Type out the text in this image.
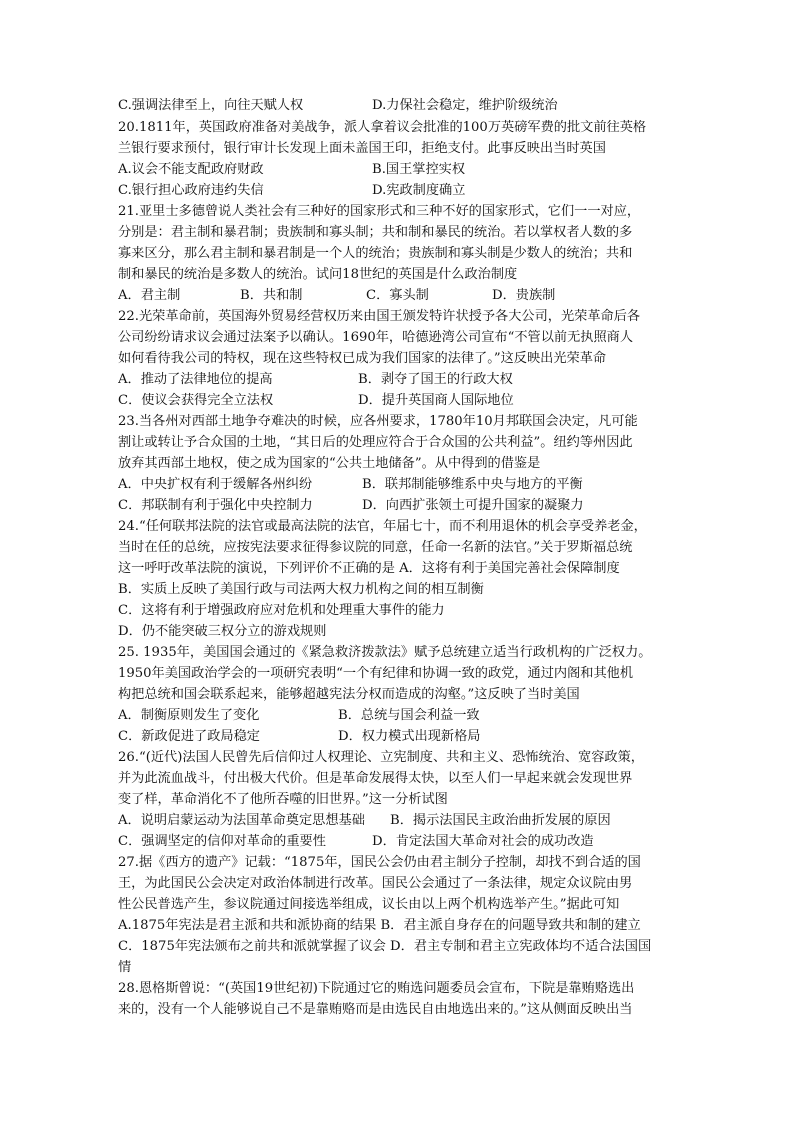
C.强调法律至上，向往天赋人权	D.力保社会稳定，维护阶级统治
20.1811年，英国政府准备对美战争，派人拿着议会批准的100万英磅军费的批文前往英格
兰银行要求预付，银行审计长发现上面未盖国王印，拒绝支付。此事反映出当时英国
A.议会不能支配政府财政	B.国王掌控实权
C.银行担心政府违约失信	D.宪政制度确立
21.亚里士多德曾说人类社会有三种好的国家形式和三种不好的国家形式，它们一一对应，
分别是：君主制和暴君制；贵族制和寡头制；共和制和暴民的统治。若以掌权者人数的多
寡来区分，那么君主制和暴君制是一个人的统治；贵族制和寡头制是少数人的统治；共和
制和暴民的统治是多数人的统治。试问18世纪的英国是什么政治制度
A．君主制	B．共和制	C．寡头制	D．贵族制
22.光荣革命前，英国海外贸易经营权历来由国王颁发特许状授予各大公司，光荣革命后各
公司纷纷请求议会通过法案予以确认。1690年，哈德逊湾公司宣布“不管以前无执照商人
如何看待我公司的特权，现在这些特权已成为我们国家的法律了。”这反映出光荣革命
A．推动了法律地位的提高	B．剥夺了国王的行政大权
C．使议会获得完全立法权	D．提升英国商人国际地位
23.当各州对西部土地争夺难决的时候，应各州要求，1780年10月邦联国会决定，凡可能
割让或转让予合众国的土地，“其日后的处理应符合于合众国的公共利益”。纽约等州因此
放弃其西部土地权，使之成为国家的“公共土地储备”。从中得到的借鉴是
A．中央扩权有利于缓解各州纠纷	B．联邦制能够维系中央与地方的平衡
C．邦联制有利于强化中央控制力	D．向西扩张领土可提升国家的凝聚力
24.“任何联邦法院的法官或最高法院的法官，年届七十，而不利用退休的机会享受养老金，
当时在任的总统，应按宪法要求征得参议院的同意，任命一名新的法官。”关于罗斯福总统
这一呼吁改革法院的演说，下列评价不正确的是 A．这将有利于美国完善社会保障制度
B．实质上反映了美国行政与司法两大权力机构之间的相互制衡
C．这将有利于增强政府应对危机和处理重大事件的能力
D．仍不能突破三权分立的游戏规则
25. 1935年，美国国会通过的《紧急救济拨款法》赋予总统建立适当行政机构的广泛权力。
1950年美国政治学会的一项研究表明“一个有纪律和协调一致的政党，通过内阁和其他机
构把总统和国会联系起来，能够超越宪法分权而造成的沟壑。”这反映了当时美国
A．制衡原则发生了变化	B．总统与国会利益一致
C．新政促进了政局稳定	D．权力模式出现新格局
26.“(近代)法国人民曾先后信仰过人权理论、立宪制度、共和主义、恐怖统治、宽容政策，
并为此流血战斗，付出极大代价。但是革命发展得太快，以至人们一早起来就会发现世界
变了样，革命消化不了他所吞噬的旧世界。”这一分析试图
A．说明启蒙运动为法国革命奠定思想基础 B．揭示法国民主政治曲折发展的原因
C．强调坚定的信仰对革命的重要性	D．肯定法国大革命对社会的成功改造
27.据《西方的遗产》记载：“1875年，国民公会仍由君主制分子控制，却找不到合适的国
王，为此国民公会决定对政治体制进行改革。国民公会通过了一条法律，规定众议院由男
性公民普选产生，参议院通过间接选举组成，议长由以上两个机构选举产生。”据此可知
A.1875年宪法是君主派和共和派协商的结果 B．君主派自身存在的问题导致共和制的建立
C．1875年宪法颁布之前共和派就掌握了议会 D．君主专制和君主立宪政体均不适合法国国
情
28.恩格斯曾说：“(英国19世纪初)下院通过它的贿选问题委员会宣布，下院是靠贿赂选出
来的，没有一个人能够说自己不是靠贿赂而是由选民自由地选出来的。”这从侧面反映出当
